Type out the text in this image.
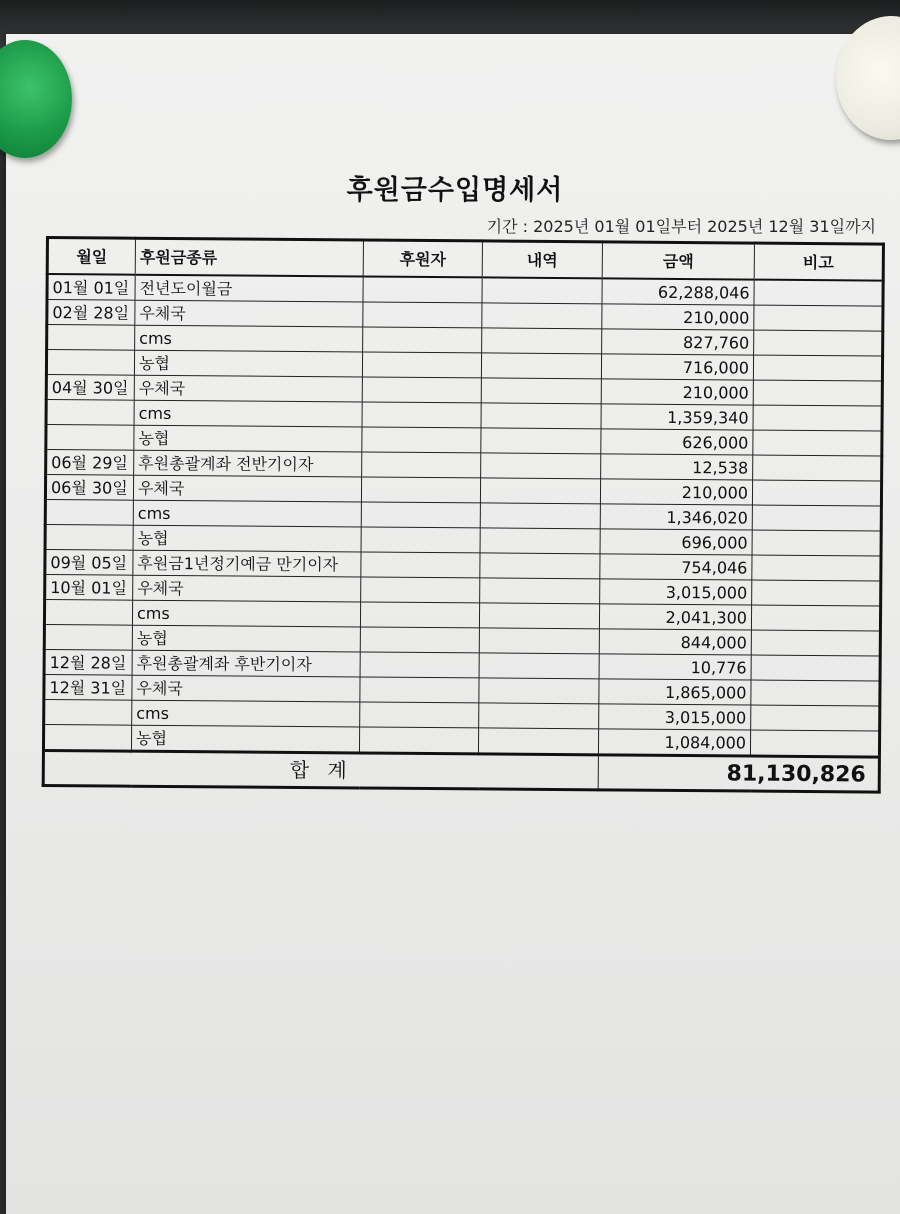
후원금수입명세서
기간 : 2025년 01월 01일부터 2025년 12월 31일까지
월일	후원금종류	후원자	내역	금액	비고
01월 01일	전년도이월금			62,288,046	
02월 28일	우체국			210,000	
	cms			827,760	
	농협			716,000	
04월 30일	우체국			210,000	
	cms			1,359,340	
	농협			626,000	
06월 29일	후원총괄계좌 전반기이자			12,538	
06월 30일	우체국			210,000	
	cms			1,346,020	
	농협			696,000	
09월 05일	후원금1년정기예금 만기이자			754,046	
10월 01일	우체국			3,015,000	
	cms			2,041,300	
	농협			844,000	
12월 28일	후원총괄계좌 후반기이자			10,776	
12월 31일	우체국			1,865,000	
	cms			3,015,000	
	농협			1,084,000	
합 계				81,130,826	
